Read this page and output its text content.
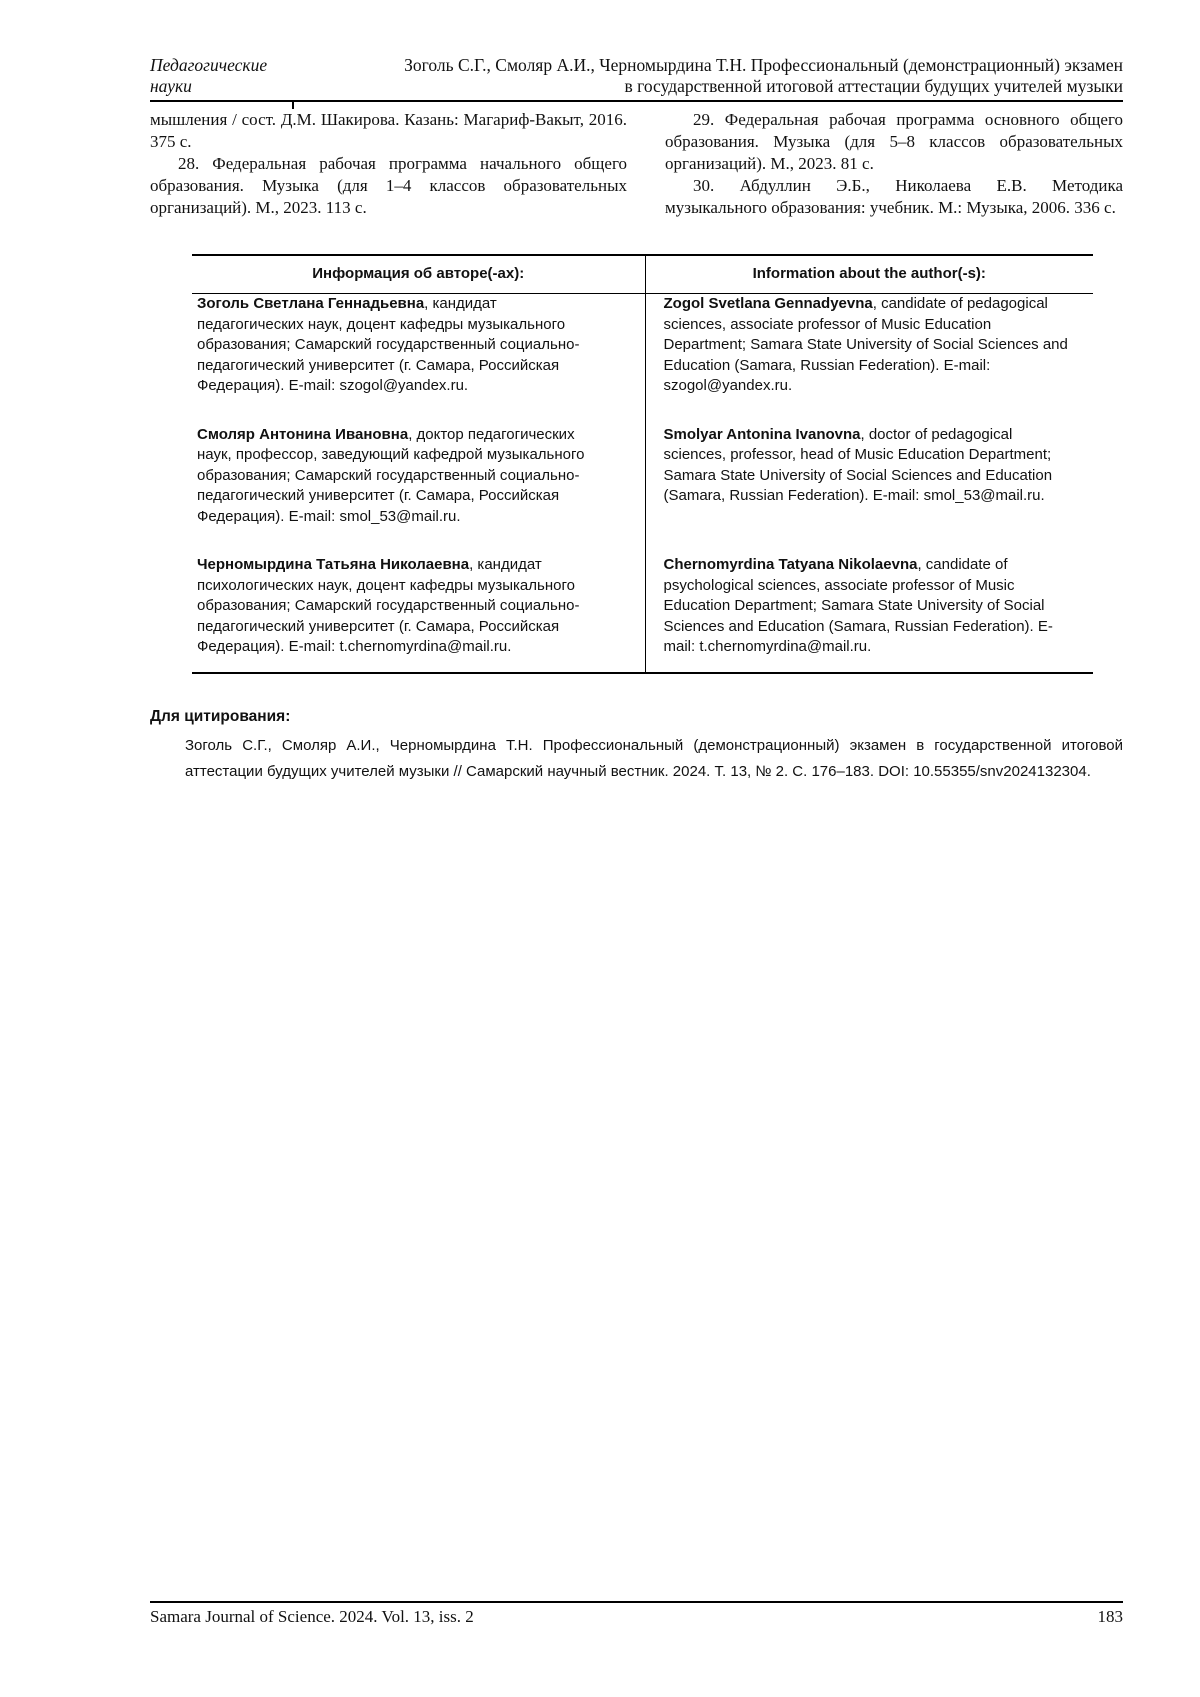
Педагогические
науки
Зоголь С.Г., Смоляр А.И., Черномырдина Т.Н. Профессиональный (демонстрационный) экзамен
в государственной итоговой аттестации будущих учителей музыки

мышления / сост. Д.М. Шакирова. Казань: Магариф-Вакыт, 2016. 375 с.

28. Федеральная рабочая программа начального общего образования. Музыка (для 1–4 классов образовательных организаций). М., 2023. 113 с.

29. Федеральная рабочая программа основного общего образования. Музыка (для 5–8 классов образовательных организаций). М., 2023. 81 с.

30. Абдуллин Э.Б., Николаева Е.В. Методика музыкального образования: учебник. М.: Музыка, 2006. 336 с.

Информация об авторе(-ах):	Information about the author(-s):
Зоголь Светлана Геннадьевна, кандидат педагогических наук, доцент кафедры музыкального образования; Самарский государственный социально-педагогический университет (г. Самара, Российская Федерация). E-mail: szogol@yandex.ru.	Zogol Svetlana Gennadyevna, candidate of pedagogical sciences, associate professor of Music Education Department; Samara State University of Social Sciences and Education (Samara, Russian Federation). E-mail: szogol@yandex.ru.
Смоляр Антонина Ивановна, доктор педагогических наук, профессор, заведующий кафедрой музыкального образования; Самарский государственный социально-педагогический университет (г. Самара, Российская Федерация). E-mail: smol_53@mail.ru.	Smolyar Antonina Ivanovna, doctor of pedagogical sciences, professor, head of Music Education Department; Samara State University of Social Sciences and Education (Samara, Russian Federation). E-mail: smol_53@mail.ru.
Черномырдина Татьяна Николаевна, кандидат психологических наук, доцент кафедры музыкального образования; Самарский государственный социально-педагогический университет (г. Самара, Российская Федерация). E-mail: t.chernomyrdina@mail.ru.	Chernomyrdina Tatyana Nikolaevna, candidate of psychological sciences, associate professor of Music Education Department; Samara State University of Social Sciences and Education (Samara, Russian Federation). E-mail: t.chernomyrdina@mail.ru.
Для цитирования:

Зоголь С.Г., Смоляр А.И., Черномырдина Т.Н. Профессиональный (демонстрационный) экзамен в государственной итоговой аттестации будущих учителей музыки // Самарский научный вестник. 2024. Т. 13, № 2. С. 176–183. DOI: 10.55355/snv2024132304.

Samara Journal of Science. 2024. Vol. 13, iss. 2	183
